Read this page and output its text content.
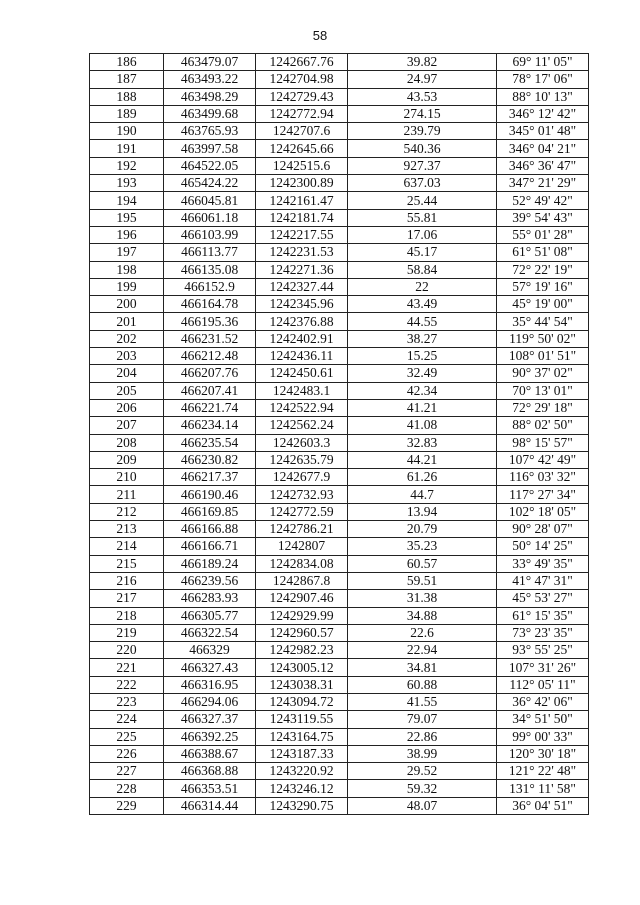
58
186	463479.07	1242667.76	39.82	69° 11' 05"
187	463493.22	1242704.98	24.97	78° 17' 06"
188	463498.29	1242729.43	43.53	88° 10' 13"
189	463499.68	1242772.94	274.15	346° 12' 42"
190	463765.93	1242707.6	239.79	345° 01' 48"
191	463997.58	1242645.66	540.36	346° 04' 21"
192	464522.05	1242515.6	927.37	346° 36' 47"
193	465424.22	1242300.89	637.03	347° 21' 29"
194	466045.81	1242161.47	25.44	52° 49' 42"
195	466061.18	1242181.74	55.81	39° 54' 43"
196	466103.99	1242217.55	17.06	55° 01' 28"
197	466113.77	1242231.53	45.17	61° 51' 08"
198	466135.08	1242271.36	58.84	72° 22' 19"
199	466152.9	1242327.44	22	57° 19' 16"
200	466164.78	1242345.96	43.49	45° 19' 00"
201	466195.36	1242376.88	44.55	35° 44' 54"
202	466231.52	1242402.91	38.27	119° 50' 02"
203	466212.48	1242436.11	15.25	108° 01' 51"
204	466207.76	1242450.61	32.49	90° 37' 02"
205	466207.41	1242483.1	42.34	70° 13' 01"
206	466221.74	1242522.94	41.21	72° 29' 18"
207	466234.14	1242562.24	41.08	88° 02' 50"
208	466235.54	1242603.3	32.83	98° 15' 57"
209	466230.82	1242635.79	44.21	107° 42' 49"
210	466217.37	1242677.9	61.26	116° 03' 32"
211	466190.46	1242732.93	44.7	117° 27' 34"
212	466169.85	1242772.59	13.94	102° 18' 05"
213	466166.88	1242786.21	20.79	90° 28' 07"
214	466166.71	1242807	35.23	50° 14' 25"
215	466189.24	1242834.08	60.57	33° 49' 35"
216	466239.56	1242867.8	59.51	41° 47' 31"
217	466283.93	1242907.46	31.38	45° 53' 27"
218	466305.77	1242929.99	34.88	61° 15' 35"
219	466322.54	1242960.57	22.6	73° 23' 35"
220	466329	1242982.23	22.94	93° 55' 25"
221	466327.43	1243005.12	34.81	107° 31' 26"
222	466316.95	1243038.31	60.88	112° 05' 11"
223	466294.06	1243094.72	41.55	36° 42' 06"
224	466327.37	1243119.55	79.07	34° 51' 50"
225	466392.25	1243164.75	22.86	99° 00' 33"
226	466388.67	1243187.33	38.99	120° 30' 18"
227	466368.88	1243220.92	29.52	121° 22' 48"
228	466353.51	1243246.12	59.32	131° 11' 58"
229	466314.44	1243290.75	48.07	36° 04' 51"
